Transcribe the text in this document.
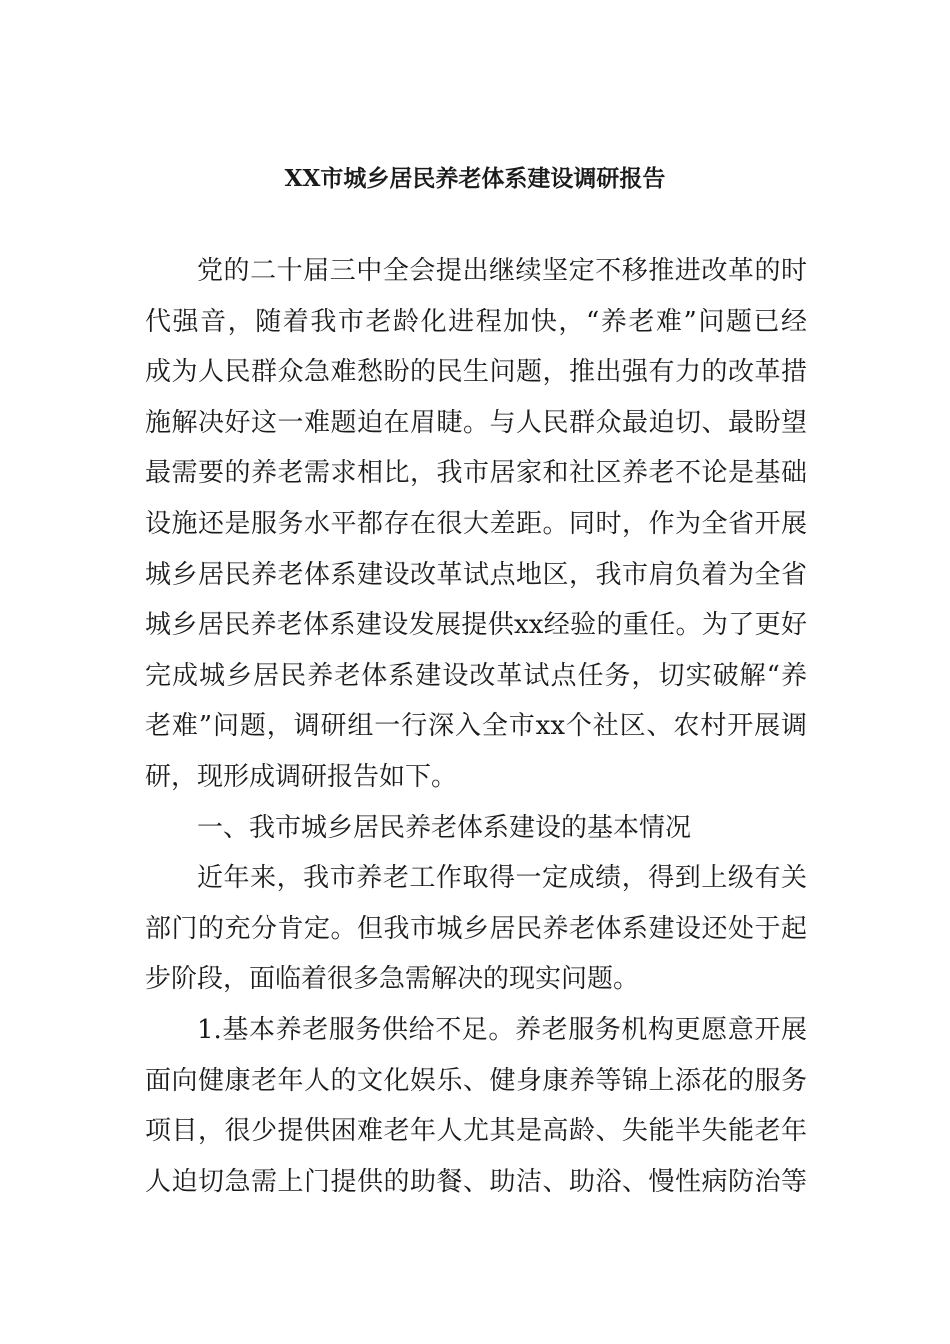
XX市城乡居民养老体系建设调研报告
党的二十届三中全会提出继续坚定不移推进改革的时
代强音，随着我市老龄化进程加快，“养老难”问题已经
成为人民群众急难愁盼的民生问题，推出强有力的改革措
施解决好这一难题迫在眉睫。与人民群众最迫切、最盼望
最需要的养老需求相比，我市居家和社区养老不论是基础
设施还是服务水平都存在很大差距。同时，作为全省开展
城乡居民养老体系建设改革试点地区，我市肩负着为全省
城乡居民养老体系建设发展提供xx经验的重任。为了更好
完成城乡居民养老体系建设改革试点任务，切实破解“养
老难”问题，调研组一行深入全市xx个社区、农村开展调
研，现形成调研报告如下。
一、我市城乡居民养老体系建设的基本情况
近年来，我市养老工作取得一定成绩，得到上级有关
部门的充分肯定。但我市城乡居民养老体系建设还处于起
步阶段，面临着很多急需解决的现实问题。
1.基本养老服务供给不足。养老服务机构更愿意开展
面向健康老年人的文化娱乐、健身康养等锦上添花的服务
项目，很少提供困难老年人尤其是高龄、失能半失能老年
人迫切急需上门提供的助餐、助洁、助浴、慢性病防治等
